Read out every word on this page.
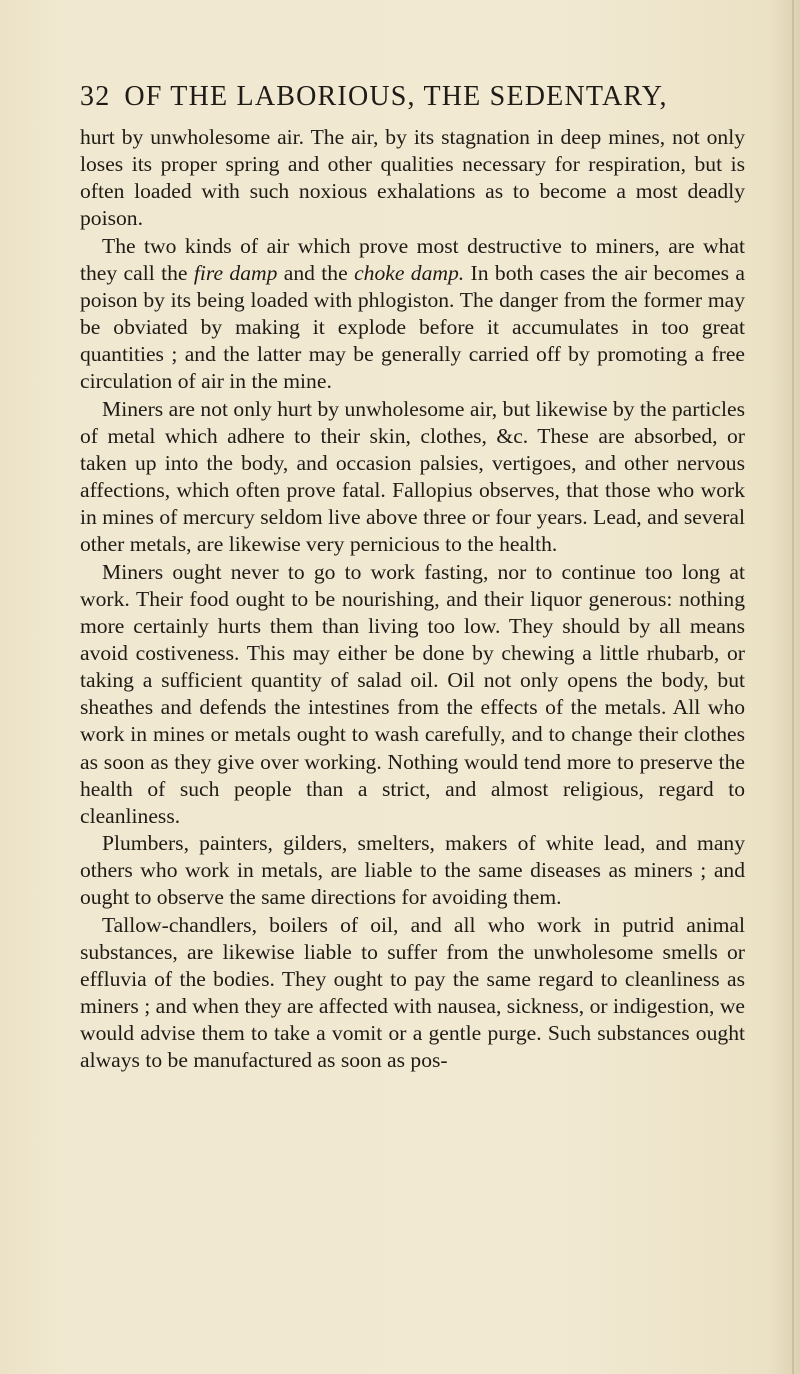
32 OF THE LABORIOUS, THE SEDENTARY,

hurt by unwholesome air. The air, by its stagnation in deep mines, not only loses its proper spring and other qualities necessary for respiration, but is often loaded with such noxious exhalations as to become a most deadly poison.

The two kinds of air which prove most destructive to miners, are what they call the fire damp and the choke damp. In both cases the air becomes a poison by its being loaded with phlogiston. The danger from the former may be obviated by making it explode before it accumulates in too great quantities ; and the latter may be generally carried off by promoting a free circulation of air in the mine.

Miners are not only hurt by unwholesome air, but likewise by the particles of metal which adhere to their skin, clothes, &c. These are absorbed, or taken up into the body, and occasion palsies, vertigoes, and other nervous affections, which often prove fatal. Fallopius observes, that those who work in mines of mercury seldom live above three or four years. Lead, and several other metals, are likewise very pernicious to the health.

Miners ought never to go to work fasting, nor to continue too long at work. Their food ought to be nourishing, and their liquor generous: nothing more certainly hurts them than living too low. They should by all means avoid costiveness. This may either be done by chewing a little rhubarb, or taking a sufficient quantity of salad oil. Oil not only opens the body, but sheathes and defends the intestines from the effects of the metals. All who work in mines or metals ought to wash carefully, and to change their clothes as soon as they give over working. Nothing would tend more to preserve the health of such people than a strict, and almost religious, regard to cleanliness.

Plumbers, painters, gilders, smelters, makers of white lead, and many others who work in metals, are liable to the same diseases as miners ; and ought to observe the same directions for avoiding them.

Tallow-chandlers, boilers of oil, and all who work in putrid animal substances, are likewise liable to suffer from the unwholesome smells or effluvia of the bodies. They ought to pay the same regard to cleanliness as miners ; and when they are affected with nausea, sickness, or indigestion, we would advise them to take a vomit or a gentle purge. Such substances ought always to be manufactured as soon as pos-
